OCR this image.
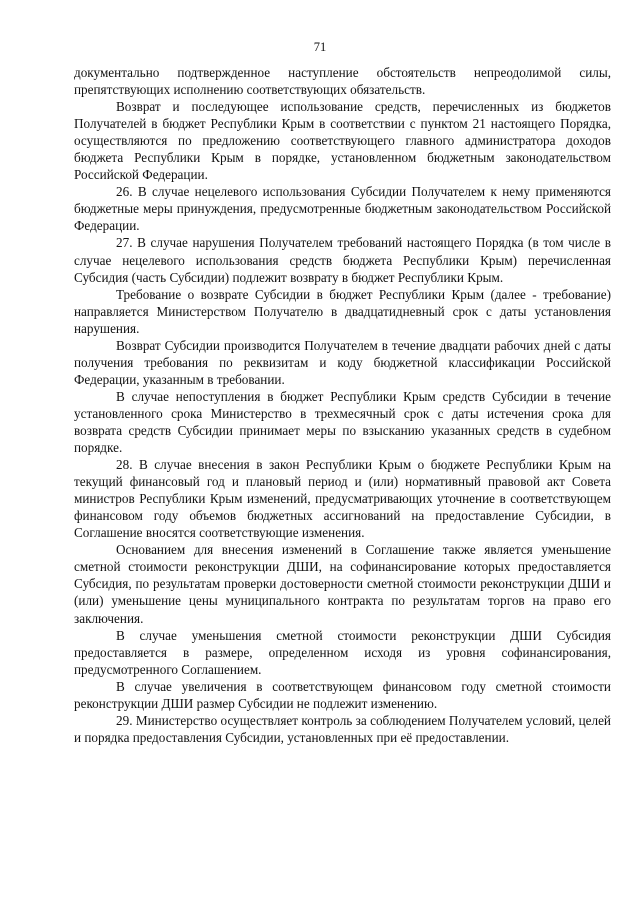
71

документально подтвержденное наступление обстоятельств непреодолимой силы, препятствующих исполнению соответствующих обязательств.

Возврат и последующее использование средств, перечисленных из бюджетов Получателей в бюджет Республики Крым в соответствии с пунктом 21 настоящего Порядка, осуществляются по предложению соответствующего главного администратора доходов бюджета Республики Крым в порядке, установленном бюджетным законодательством Российской Федерации.

26. В случае нецелевого использования Субсидии Получателем к нему применяются бюджетные меры принуждения, предусмотренные бюджетным законодательством Российской Федерации.

27. В случае нарушения Получателем требований настоящего Порядка (в том числе в случае нецелевого использования средств бюджета Республики Крым) перечисленная Субсидия (часть Субсидии) подлежит возврату в бюджет Республики Крым.

Требование о возврате Субсидии в бюджет Республики Крым (далее - требование) направляется Министерством Получателю в двадцатидневный срок с даты установления нарушения.

Возврат Субсидии производится Получателем в течение двадцати рабочих дней с даты получения требования по реквизитам и коду бюджетной классификации Российской Федерации, указанным в требовании.

В случае непоступления в бюджет Республики Крым средств Субсидии в течение установленного срока Министерство в трехмесячный срок с даты истечения срока для возврата средств Субсидии принимает меры по взысканию указанных средств в судебном порядке.

28. В случае внесения в закон Республики Крым о бюджете Республики Крым на текущий финансовый год и плановый период и (или) нормативный правовой акт Совета министров Республики Крым изменений, предусматривающих уточнение в соответствующем финансовом году объемов бюджетных ассигнований на предоставление Субсидии, в Соглашение вносятся соответствующие изменения.

Основанием для внесения изменений в Соглашение также является уменьшение сметной стоимости реконструкции ДШИ, на софинансирование которых предоставляется Субсидия, по результатам проверки достоверности сметной стоимости реконструкции ДШИ и (или) уменьшение цены муниципального контракта по результатам торгов на право его заключения.

В случае уменьшения сметной стоимости реконструкции ДШИ Субсидия предоставляется в размере, определенном исходя из уровня софинансирования, предусмотренного Соглашением.

В случае увеличения в соответствующем финансовом году сметной стоимости реконструкции ДШИ размер Субсидии не подлежит изменению.

29. Министерство осуществляет контроль за соблюдением Получателем условий, целей и порядка предоставления Субсидии, установленных при её предоставлении.
